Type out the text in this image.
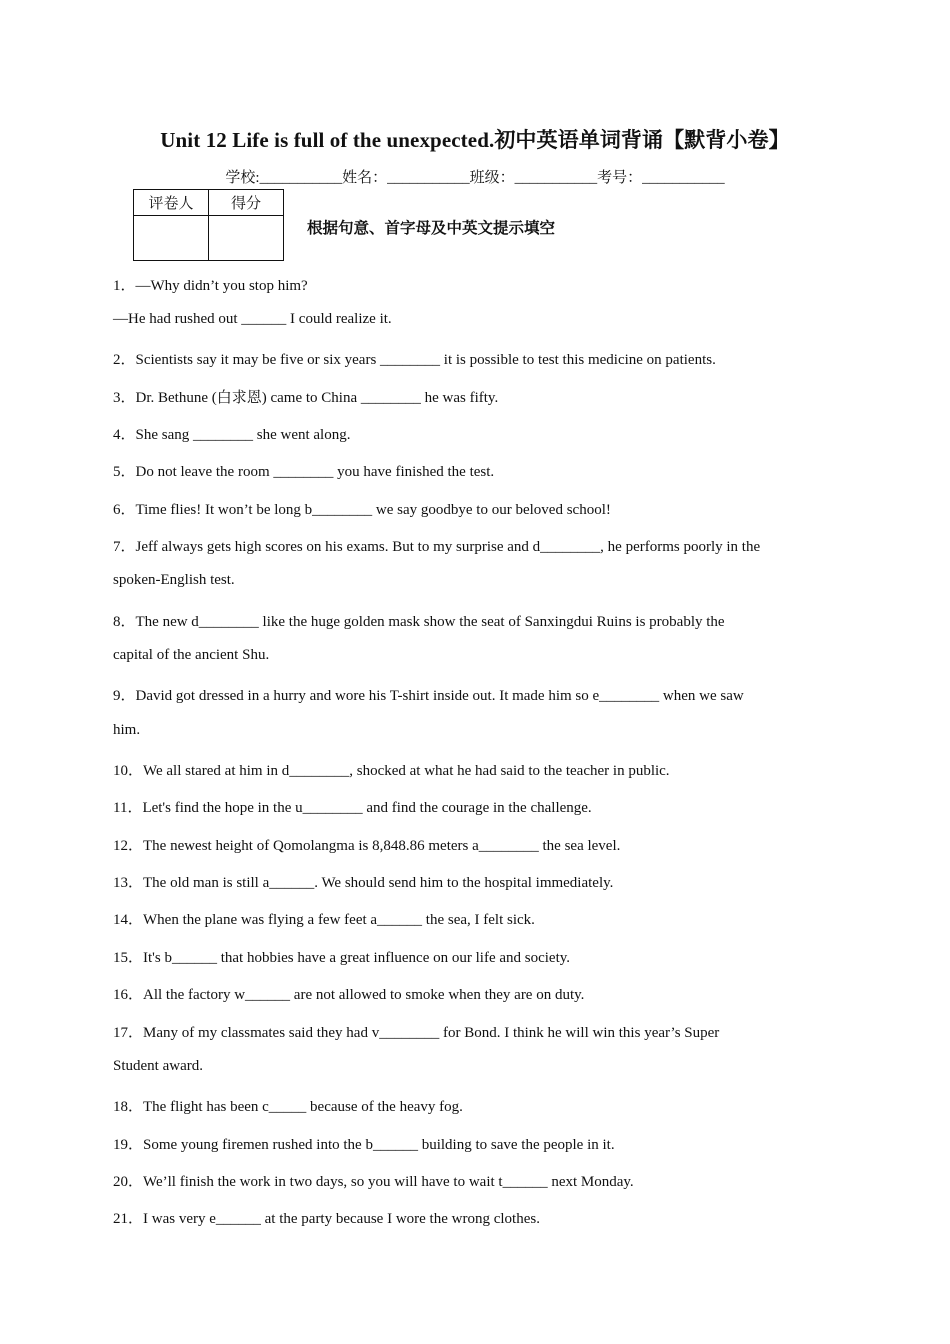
Unit 12 Life is full of the unexpected.初中英语单词背诵【默背小卷】
学校:___________姓名：___________班级：___________考号：___________
评卷人	得分

根据句意、首字母及中英文提示填空
1．—Why didn’t you stop him?
—He had rushed out ______ I could realize it.
2．Scientists say it may be five or six years ________ it is possible to test this medicine on patients.
3．Dr. Bethune (白求恩) came to China ________ he was fifty.
4．She sang ________ she went along.
5．Do not leave the room ________ you have finished the test.
6．Time flies! It won’t be long b________ we say goodbye to our beloved school!
7．Jeff always gets high scores on his exams. But to my surprise and d________, he performs poorly in the
spoken-English test.
8．The new d________ like the huge golden mask show the seat of Sanxingdui Ruins is probably the
capital of the ancient Shu.
9．David got dressed in a hurry and wore his T-shirt inside out. It made him so e________ when we saw
him.
10．We all stared at him in d________, shocked at what he had said to the teacher in public.
11．Let's find the hope in the u________ and find the courage in the challenge.
12．The newest height of Qomolangma is 8,848.86 meters a________ the sea level.
13．The old man is still a______. We should send him to the hospital immediately.
14．When the plane was flying a few feet a______ the sea, I felt sick.
15．It's b______ that hobbies have a great influence on our life and society.
16．All the factory w______ are not allowed to smoke when they are on duty.
17．Many of my classmates said they had v________ for Bond. I think he will win this year’s Super
Student award.
18．The flight has been c_____ because of the heavy fog.
19．Some young firemen rushed into the b______ building to save the people in it.
20．We’ll finish the work in two days, so you will have to wait t______ next Monday.
21．I was very e______ at the party because I wore the wrong clothes.
